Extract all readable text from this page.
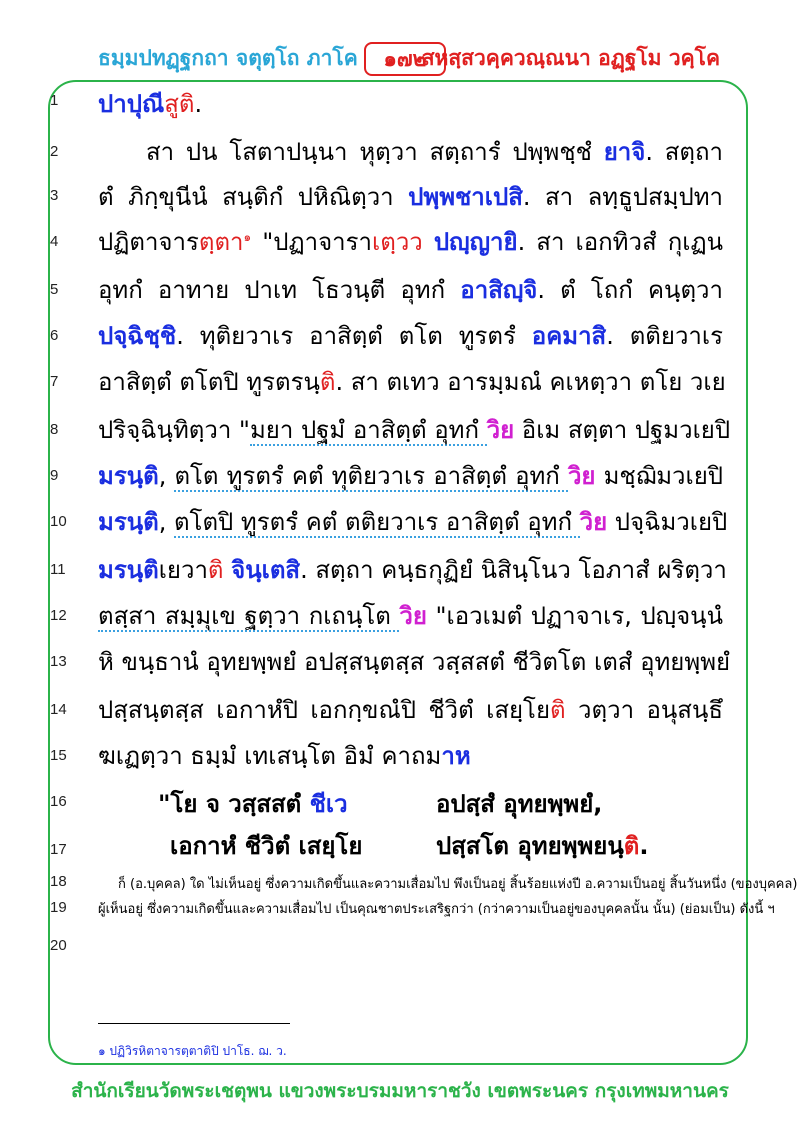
ธมฺมปทฏฺฐกถา จตุตฺโถ ภาโค	๑๗๒
สหสฺสวคฺควณฺณนา อฏฺฐโม วคฺโค
1
2
3
4
5
6
7
8
9
10
11
12
13
14
15
16
17
18
19
20
ปาปุณีสูติ.
สา ปน โสตาปนฺนา หุตฺวา สตฺถารํ ปพฺพชฺชํ ยาจิ. สตฺถา
ตํ ภิกฺขุนีนํ สนฺติกํ ปหิณิตฺวา ปพฺพชาเปสิ. สา ลทฺธูปสมฺปทา
ปฏิตาจารตฺตา$^๑$ "ปฏาจาราเตฺวว ปญฺญายิ. สา เอกทิวสํ กุเฏน
อุทกํ อาทาย ปาเท โธวนฺตี อุทกํ อาสิญฺจิ. ตํ โถกํ คนฺตฺวา
ปจฺฉิชฺชิ. ทุติยวาเร อาสิตฺตํ ตโต ทูรตรํ อคมาสิ. ตติยวาเร
อาสิตฺตํ ตโตปิ ทูรตรนฺติ. สา ตเทว อารมฺมณํ คเหตฺวา ตโย วเย
ปริจฺฉินฺทิตฺวา "มยา ปฐมํ อาสิตฺตํ อุทกํ วิย อิเม สตฺตา ปฐมวเยปิ
มรนฺติ, ตโต ทูรตรํ คตํ ทุติยวาเร อาสิตฺตํ อุทกํ วิย มชฺฌิมวเยปิ
มรนฺติ, ตโตปิ ทูรตรํ คตํ ตติยวาเร อาสิตฺตํ อุทกํ วิย ปจฺฉิมวเยปิ
มรนฺติเยวาติ จินฺเตสิ. สตฺถา คนฺธกุฏิยํ นิสินฺโนว โอภาสํ ผริตฺวา
ตสฺสา สมฺมุเข ฐตฺวา กเถนฺโต วิย "เอวเมตํ ปฏาจาเร, ปญฺจนฺนํ
หิ ขนฺธานํ อุทยพฺพยํ อปสฺสนฺตสฺส วสฺสสตํ ชีวิตโต เตสํ อุทยพฺพยํ
ปสฺสนฺตสฺส เอกาหํปิ เอกกฺขณํปิ ชีวิตํ เสยฺโยติ วตฺวา อนุสนฺธึ
ฆเฏตฺวา ธมฺมํ เทเสนฺโต อิมํ คาถมาห
"โย จ วสฺสสตํ ชีเว	อปสฺสํ อุทยพฺพยํ,
เอกาหํ ชีวิตํ เสยฺโย	ปสฺสโต อุทยพฺพยนฺติ.
ก็ (อ.บุคคล) ใด ไม่เห็นอยู่ ซึ่งความเกิดขึ้นและความเสื่อมไป พึงเป็นอยู่ สิ้นร้อยแห่งปี อ.ความเป็นอยู่ สิ้นวันหนึ่ง (ของบุคคล)
ผู้เห็นอยู่ ซึ่งความเกิดขึ้นและความเสื่อมไป เป็นคุณชาตประเสริฐกว่า (กว่าความเป็นอยู่ของบุคคลนั้น นั้น) (ย่อมเป็น) ดังนี้ ฯ
๑ ปฏิวิรหิตาจารตฺตาติปิ ปาโธ. ฌ. ว.
สำนักเรียนวัดพระเชตุพน แขวงพระบรมมหาราชวัง เขตพระนคร กรุงเทพมหานคร
